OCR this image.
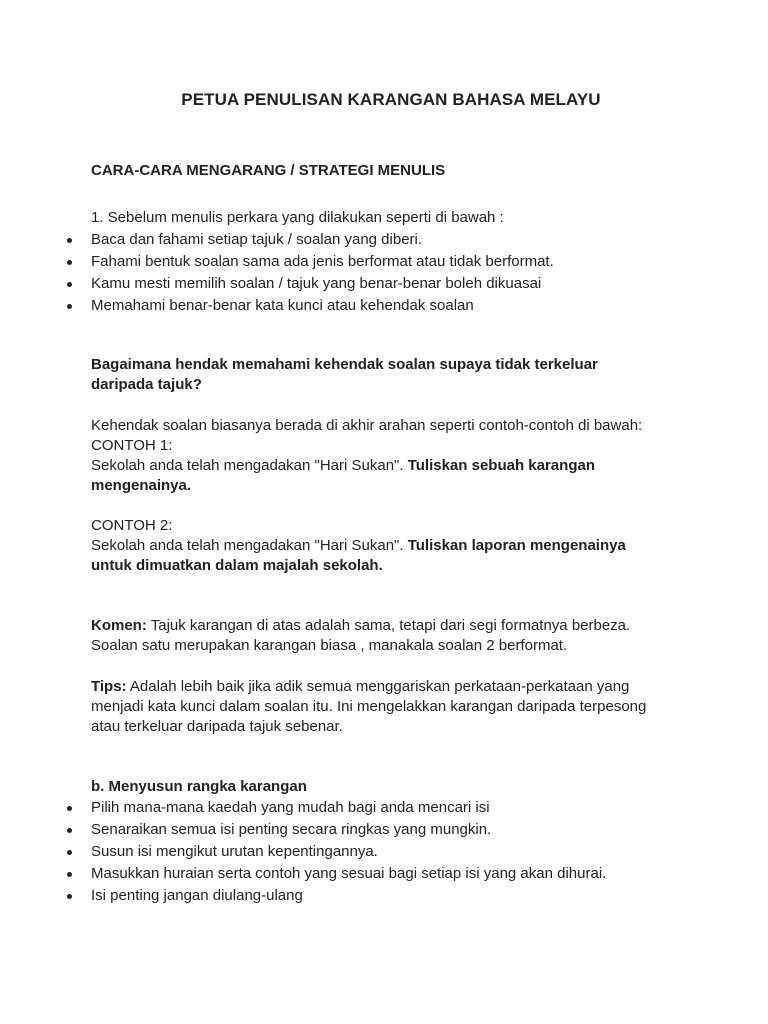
PETUA PENULISAN KARANGAN BAHASA MELAYU
CARA-CARA MENGARANG / STRATEGI MENULIS
1. Sebelum menulis perkara yang dilakukan seperti di bawah :
Baca dan fahami setiap tajuk / soalan yang diberi.
Fahami bentuk soalan sama ada jenis berformat atau tidak berformat.
Kamu mesti memilih soalan / tajuk yang benar-benar boleh dikuasai
Memahami benar-benar kata kunci atau kehendak soalan
Bagaimana hendak memahami kehendak soalan supaya tidak terkeluar
daripada tajuk?
Kehendak soalan biasanya berada di akhir arahan seperti contoh-contoh di bawah:
CONTOH 1:
Sekolah anda telah mengadakan "Hari Sukan". Tuliskan sebuah karangan
mengenainya.
CONTOH 2:
Sekolah anda telah mengadakan "Hari Sukan". Tuliskan laporan mengenainya
untuk dimuatkan dalam majalah sekolah.
Komen: Tajuk karangan di atas adalah sama, tetapi dari segi formatnya berbeza.
Soalan satu merupakan karangan biasa , manakala soalan 2 berformat.
Tips: Adalah lebih baik jika adik semua menggariskan perkataan-perkataan yang
menjadi kata kunci dalam soalan itu. Ini mengelakkan karangan daripada terpesong
atau terkeluar daripada tajuk sebenar.
b. Menyusun rangka karangan
Pilih mana-mana kaedah yang mudah bagi anda mencari isi
Senaraikan semua isi penting secara ringkas yang mungkin.
Susun isi mengikut urutan kepentingannya.
Masukkan huraian serta contoh yang sesuai bagi setiap isi yang akan dihurai.
Isi penting jangan diulang-ulang
